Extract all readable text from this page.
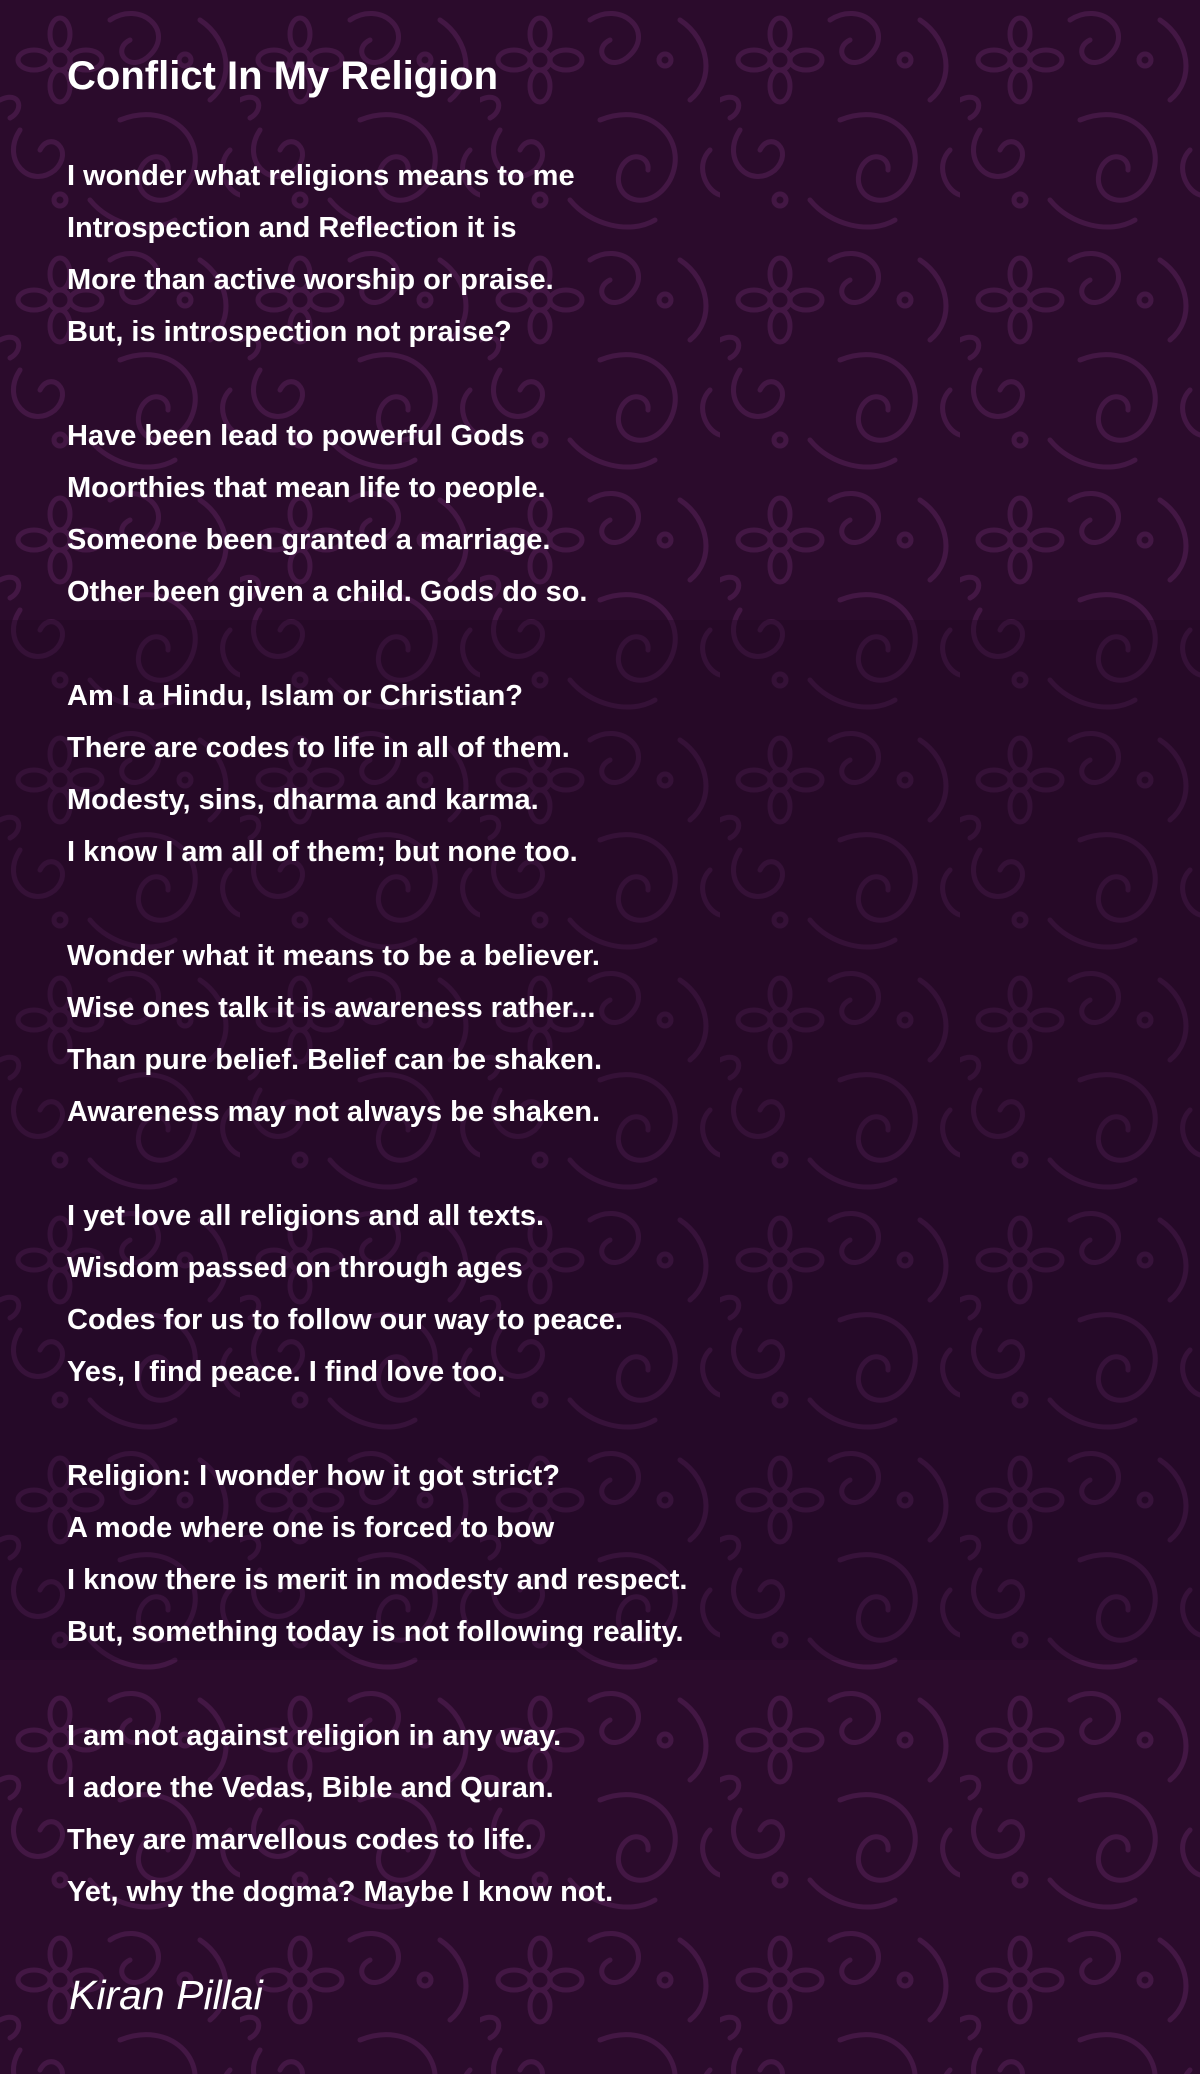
Conflict In My Religion
I wonder what religions means to me
Introspection and Reflection it is
More than active worship or praise.
But, is introspection not praise?
Have been lead to powerful Gods
Moorthies that mean life to people.
Someone been granted a marriage.
Other been given a child. Gods do so.
Am I a Hindu, Islam or Christian?
There are codes to life in all of them.
Modesty, sins, dharma and karma.
I know I am all of them; but none too.
Wonder what it means to be a believer.
Wise ones talk it is awareness rather...
Than pure belief. Belief can be shaken.
Awareness may not always be shaken.
I yet love all religions and all texts.
Wisdom passed on through ages
Codes for us to follow our way to peace.
Yes, I find peace. I find love too.
Religion: I wonder how it got strict?
A mode where one is forced to bow
I know there is merit in modesty and respect.
But, something today is not following reality.
I am not against religion in any way.
I adore the Vedas, Bible and Quran.
They are marvellous codes to life.
Yet, why the dogma? Maybe I know not.
Kiran Pillai
